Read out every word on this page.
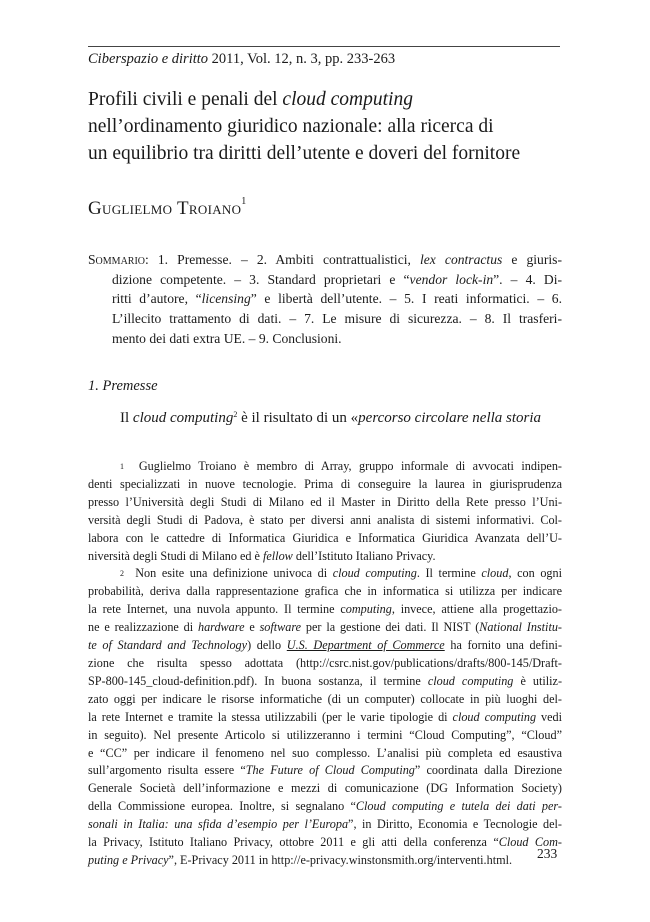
Ciberspazio e diritto 2011, Vol. 12, n. 3, pp. 233-263
Profili civili e penali del cloud computing
nell’ordinamento giuridico nazionale: alla ricerca di
un equilibrio tra diritti dell’utente e doveri del fornitore
Guglielmo Troiano$^1$
Sommario: 1. Premesse. – 2. Ambiti contrattualistici, lex contractus e giuris-
dizione competente. – 3. Standard proprietari e “vendor lock-in”. – 4. Di-
ritti d’autore, “licensing” e libertà dell’utente. – 5. I reati informatici. – 6.
L’illecito trattamento di dati. – 7. Le misure di sicurezza. – 8. Il trasferi-
mento dei dati extra UE. – 9. Conclusioni.
1. Premesse
Il cloud computing$^2$ è il risultato di un «percorso circolare nella storia
$^1$ Guglielmo Troiano è membro di Array, gruppo informale di avvocati indipen-
denti specializzati in nuove tecnologie. Prima di conseguire la laurea in giurisprudenza
presso l’Università degli Studi di Milano ed il Master in Diritto della Rete presso l’Uni-
versità degli Studi di Padova, è stato per diversi anni analista di sistemi informativi. Col-
labora con le cattedre di Informatica Giuridica e Informatica Giuridica Avanzata dell’U-
niversità degli Studi di Milano ed è fellow dell’Istituto Italiano Privacy.
$^2$ Non esite una definizione univoca di cloud computing. Il termine cloud, con ogni
probabilità, deriva dalla rappresentazione grafica che in informatica si utilizza per indicare
la rete Internet, una nuvola appunto. Il termine computing, invece, attiene alla progettazio-
ne e realizzazione di hardware e software per la gestione dei dati. Il NIST (National Institu-
te of Standard and Technology) dello U.S. Department of Commerce ha fornito una defini-
zione che risulta spesso adottata (http://csrc.nist.gov/publications/drafts/800-145/Draft-
SP-800-145_cloud-definition.pdf). In buona sostanza, il termine cloud computing è utiliz-
zato oggi per indicare le risorse informatiche (di un computer) collocate in più luoghi del-
la rete Internet e tramite la stessa utilizzabili (per le varie tipologie di cloud computing vedi
in seguito). Nel presente Articolo si utilizzeranno i termini “Cloud Computing”, “Cloud”
e “CC” per indicare il fenomeno nel suo complesso. L’analisi più completa ed esaustiva
sull’argomento risulta essere “The Future of Cloud Computing” coordinata dalla Direzione
Generale Società dell’informazione e mezzi di comunicazione (DG Information Society)
della Commissione europea. Inoltre, si segnalano “Cloud computing e tutela dei dati per-
sonali in Italia: una sfida d’esempio per l’Europa”, in Diritto, Economia e Tecnologie del-
la Privacy, Istituto Italiano Privacy, ottobre 2011 e gli atti della conferenza “Cloud Com-
puting e Privacy”, E-Privacy 2011 in http://e-privacy.winstonsmith.org/interventi.html.	233
